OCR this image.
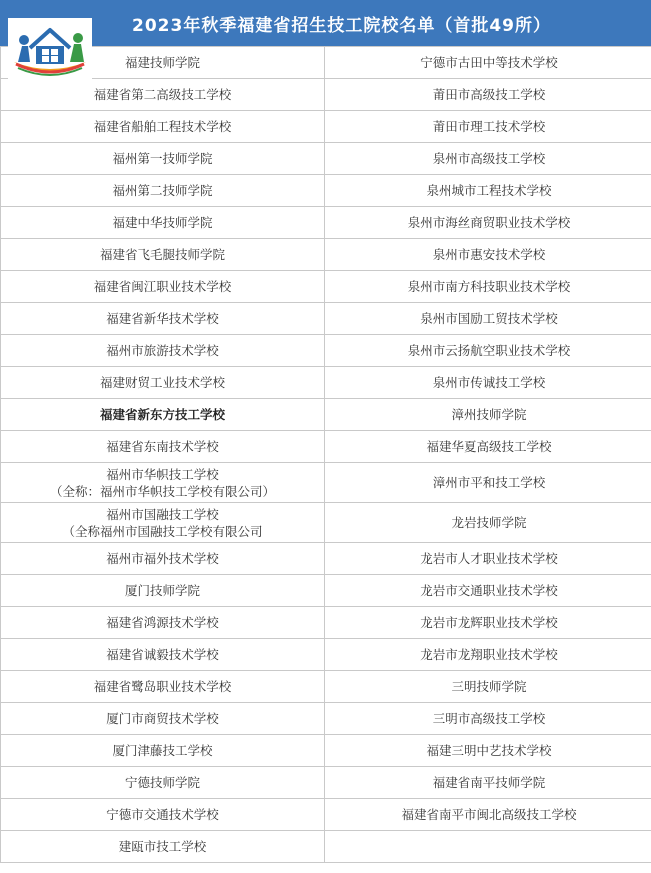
2023年秋季福建省招生技工院校名单（首批49所）
福建技师学院	宁德市古田中等技术学校
福建省第二高级技工学校	莆田市高级技工学校
福建省船舶工程技术学校	莆田市理工技术学校
福州第一技师学院	泉州市高级技工学校
福州第二技师学院	泉州城市工程技术学校
福建中华技师学院	泉州市海丝商贸职业技术学校
福建省飞毛腿技师学院	泉州市惠安技术学校
福建省闽江职业技术学校	泉州市南方科技职业技术学校
福建省新华技术学校	泉州市国励工贸技术学校
福州市旅游技术学校	泉州市云扬航空职业技术学校
福建财贸工业技术学校	泉州市传诚技工学校
福建省新东方技工学校	漳州技师学院
福建省东南技术学校	福建华夏高级技工学校

福州市华帜技工学校
（全称：福州市华帜技工学校有限公司）	漳州市平和技工学校

福州市国融技工学校
（全称福州市国融技工学校有限公司	龙岩技师学院
福州市福外技术学校	龙岩市人才职业技术学校
厦门技师学院	龙岩市交通职业技术学校
福建省鸿源技术学校	龙岩市龙辉职业技术学校
福建省诚毅技术学校	龙岩市龙翔职业技术学校
福建省鹭岛职业技术学校	三明技师学院
厦门市商贸技术学校	三明市高级技工学校
厦门津藤技工学校	福建三明中艺技术学校
宁德技师学院	福建省南平技师学院
宁德市交通技术学校	福建省南平市闽北高级技工学校
建瓯市技工学校	
